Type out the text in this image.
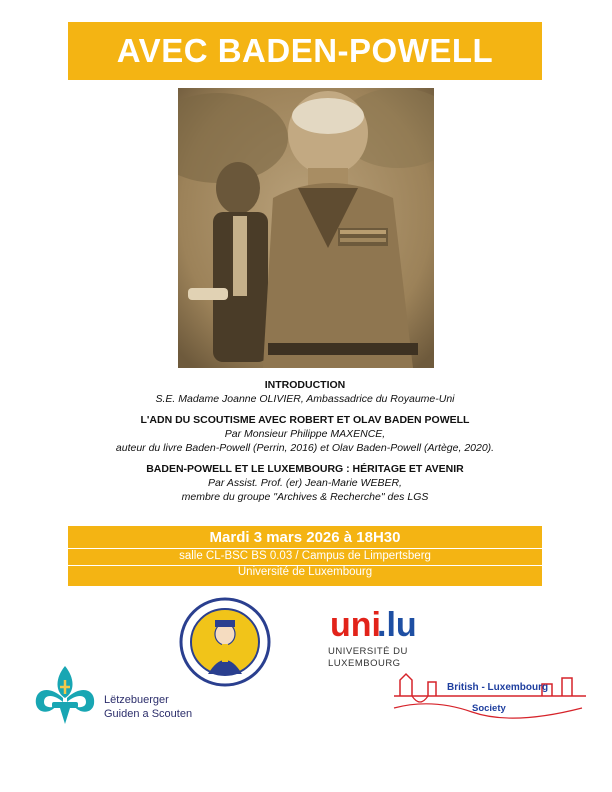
AVEC BADEN-POWELL
INTRODUCTION
S.E. Madame Joanne OLIVIER, Ambassadrice du Royaume-Uni
L'ADN DU SCOUTISME AVEC ROBERT ET OLAV BADEN POWELL
Par Monsieur Philippe MAXENCE,
auteur du livre Baden-Powell (Perrin, 2016) et Olav Baden-Powell (Artège, 2020).
BADEN-POWELL ET LE LUXEMBOURG : HÉRITAGE ET AVENIR
Par Assist. Prof. (er) Jean-Marie WEBER,
membre du groupe "Archives & Recherche" des LGS
Mardi 3 mars 2026 à 18H30
salle CL-BSC BS 0.03 / Campus de Limpertsberg
Université de Luxembourg
uni
.lu
UNIVERSITÉ DU
LUXEMBOURG
Lëtzebuerger
Guiden a Scouten
British - Luxembourg
Society
